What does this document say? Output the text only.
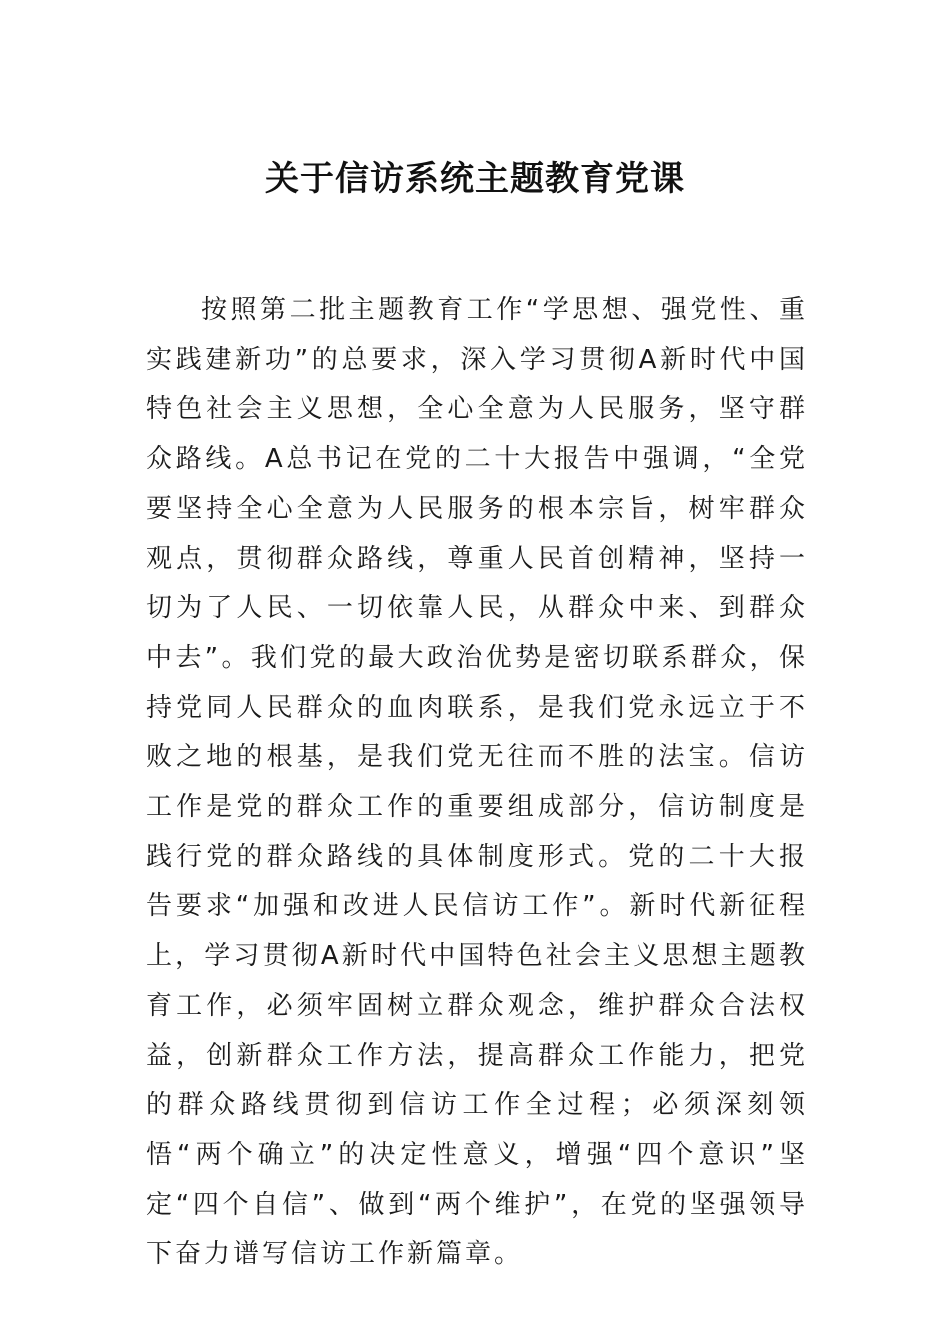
关于信访系统主题教育党课

按照第二批主题教育工作“学思想、强党性、重实践建新功”的总要求，深入学习贯彻A新时代中国特色社会主义思想，全心全意为人民服务，坚守群众路线。A总书记在党的二十大报告中强调，“全党要坚持全心全意为人民服务的根本宗旨，树牢群众观点，贯彻群众路线，尊重人民首创精神，坚持一切为了人民、一切依靠人民，从群众中来、到群众中去”。我们党的最大政治优势是密切联系群众，保持党同人民群众的血肉联系，是我们党永远立于不败之地的根基，是我们党无往而不胜的法宝。信访工作是党的群众工作的重要组成部分，信访制度是践行党的群众路线的具体制度形式。党的二十大报告要求“加强和改进人民信访工作”。新时代新征程上，学习贯彻A新时代中国特色社会主义思想主题教育工作，必须牢固树立群众观念，维护群众合法权益，创新群众工作方法，提高群众工作能力，把党的群众路线贯彻到信访工作全过程；必须深刻领悟“两个确立”的决定性意义，增强“四个意识”坚定“四个自信”、做到“两个维护”，在党的坚强领导下奋力谱写信访工作新篇章。
